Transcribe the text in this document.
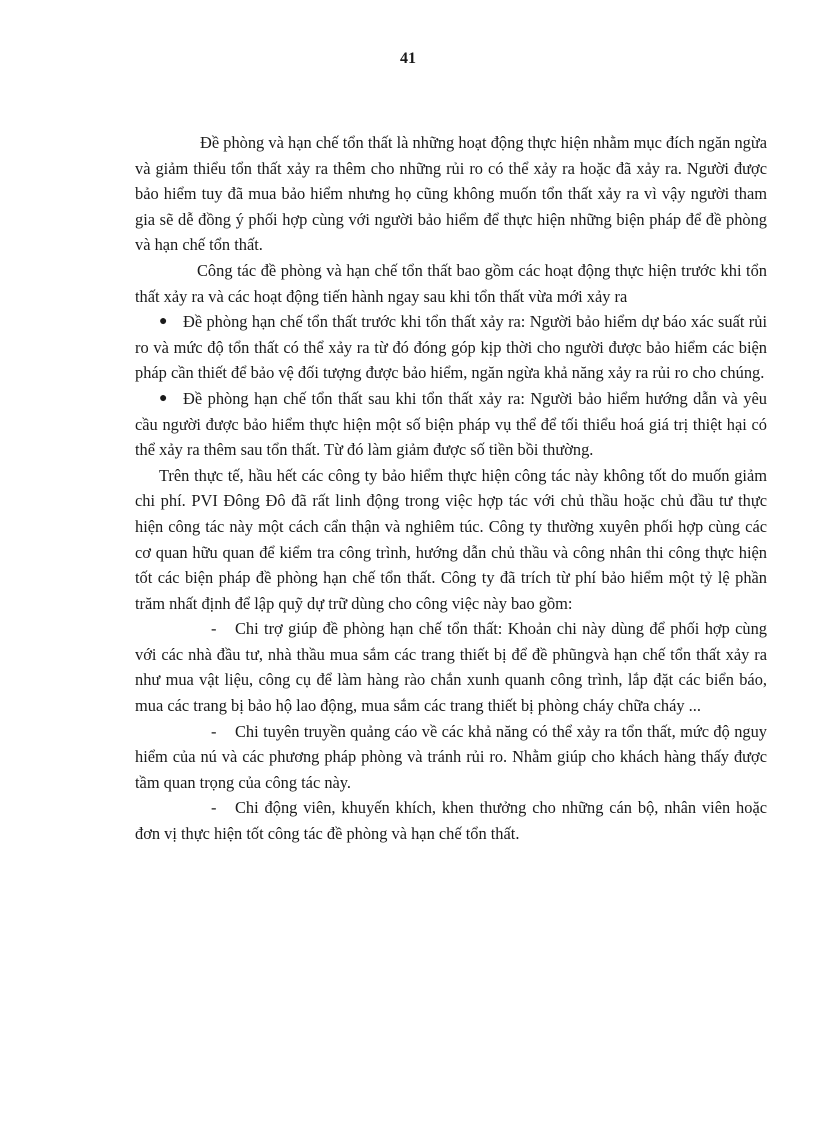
41

Đề phòng và hạn chế tổn thất là những hoạt động thực hiện nhằm mục đích ngăn ngừa và giảm thiểu tổn thất xảy ra thêm cho những rủi ro có thể xảy ra hoặc đã xảy ra. Người được bảo hiểm tuy đã mua bảo hiểm nhưng họ cũng không muốn tổn thất xảy ra vì vậy người tham gia sẽ dễ đồng ý phối hợp cùng với người bảo hiểm để thực hiện những biện pháp để đề phòng và hạn chế tổn thất.

Công tác đề phòng và hạn chế tổn thất bao gồm các hoạt động thực hiện trước khi tổn thất xảy ra và các hoạt động tiến hành ngay sau khi tổn thất vừa mới xảy ra

● Đề phòng hạn chế tổn thất trước khi tổn thất xảy ra: Người bảo hiểm dự báo xác suất rủi ro và mức độ tổn thất có thể xảy ra từ đó đóng góp kịp thời cho người được bảo hiểm các biện pháp cần thiết để bảo vệ đối tượng được bảo hiểm, ngăn ngừa khả năng xảy ra rủi ro cho chúng.

● Đề phòng hạn chế tổn thất sau khi tổn thất xảy ra: Người bảo hiểm hướng dẫn và yêu cầu người được bảo hiểm thực hiện một số biện pháp vụ thể để tối thiểu hoá giá trị thiệt hại có thể xảy ra thêm sau tổn thất. Từ đó làm giảm được số tiền bồi thường.

Trên thực tế, hầu hết các công ty bảo hiểm thực hiện công tác này không tốt do muốn giảm chi phí. PVI Đông Đô đã rất linh động trong việc hợp tác với chủ thầu hoặc chủ đầu tư thực hiện công tác này một cách cẩn thận và nghiêm túc. Công ty thường xuyên phối hợp cùng các cơ quan hữu quan để kiểm tra công trình, hướng dẫn chủ thầu và công nhân thi công thực hiện tốt các biện pháp đề phòng hạn chế tổn thất. Công ty đã trích từ phí bảo hiểm một tỷ lệ phần trăm nhất định để lập quỹ dự trữ dùng cho công việc này bao gồm:

- Chi trợ giúp đề phòng hạn chế tổn thất: Khoản chi này dùng để phối hợp cùng với các nhà đầu tư, nhà thầu mua sắm các trang thiết bị để đề phũngvà hạn chế tổn thất xảy ra như mua vật liệu, công cụ để làm hàng rào chắn xunh quanh công trình, lắp đặt các biển báo, mua các trang bị bảo hộ lao động, mua sắm các trang thiết bị phòng cháy chữa cháy ...

- Chi tuyên truyền quảng cáo về các khả năng có thể xảy ra tổn thất, mức độ nguy hiểm của nú và các phương pháp phòng và tránh rủi ro. Nhằm giúp cho khách hàng thấy được tầm quan trọng của công tác này.

- Chi động viên, khuyến khích, khen thưởng cho những cán bộ, nhân viên hoặc đơn vị thực hiện tốt công tác đề phòng và hạn chế tổn thất.
